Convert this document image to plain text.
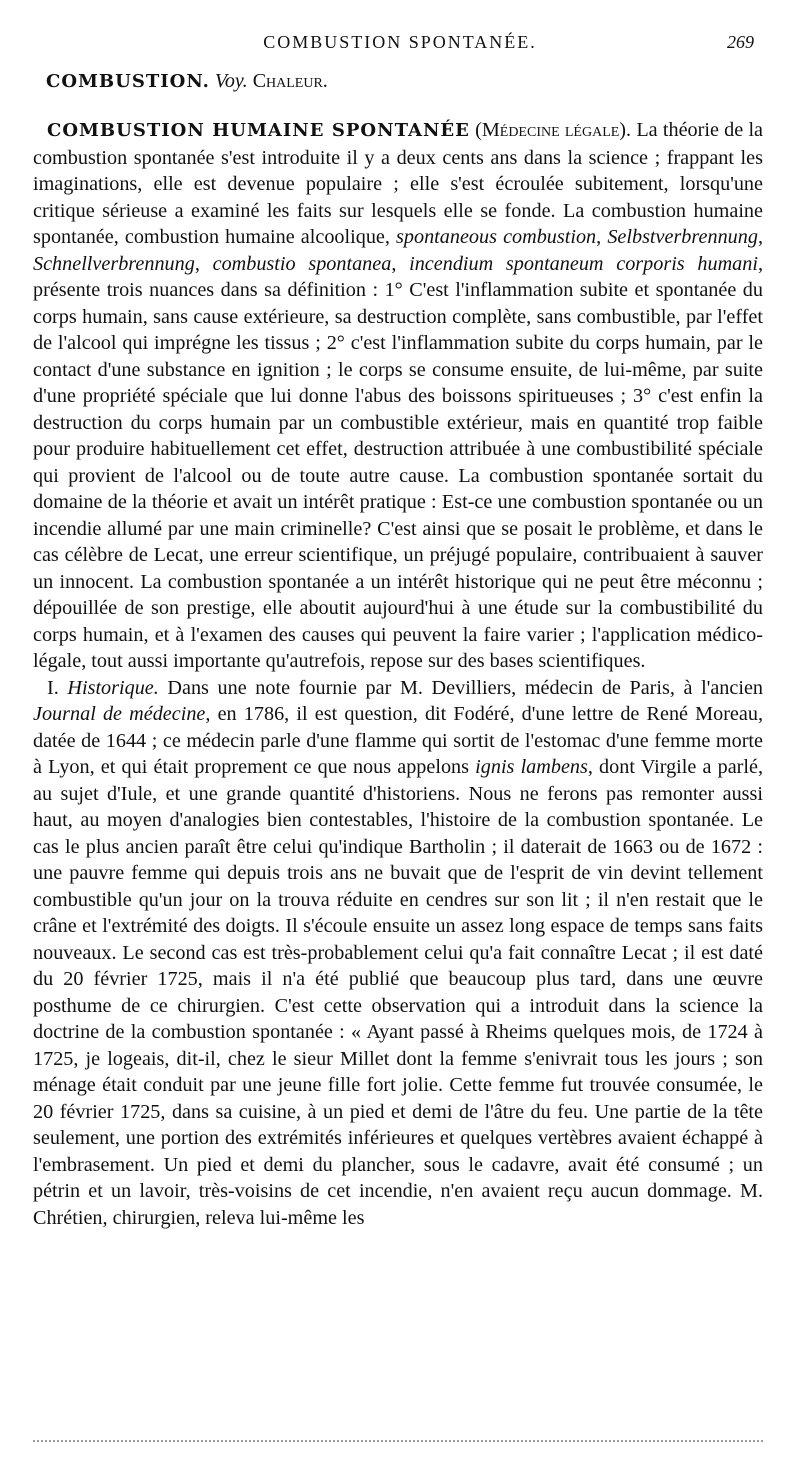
COMBUSTION SPONTANÉE.	269
COMBUSTION. Voy. Chaleur.

COMBUSTION HUMAINE SPONTANÉE (Médecine légale). La théorie de la combustion spontanée s'est introduite il y a deux cents ans dans la science ; frappant les imaginations, elle est devenue populaire ; elle s'est écroulée subitement, lorsqu'une critique sérieuse a examiné les faits sur lesquels elle se fonde. La combustion humaine spontanée, combustion humaine alcoolique, spontaneous combustion, Selbstverbrennung, Schnellverbrennung, combustio spontanea, incendium spontaneum corporis humani, présente trois nuances dans sa définition : 1° C'est l'inflammation subite et spontanée du corps humain, sans cause extérieure, sa destruction complète, sans combustible, par l'effet de l'alcool qui imprégne les tissus ; 2° c'est l'inflammation subite du corps humain, par le contact d'une substance en ignition ; le corps se consume ensuite, de lui-même, par suite d'une propriété spéciale que lui donne l'abus des boissons spiritueuses ; 3° c'est enfin la destruction du corps humain par un combustible extérieur, mais en quantité trop faible pour produire habituellement cet effet, destruction attribuée à une combustibilité spéciale qui provient de l'alcool ou de toute autre cause. La combustion spontanée sortait du domaine de la théorie et avait un intérêt pratique : Est-ce une combustion spontanée ou un incendie allumé par une main criminelle? C'est ainsi que se posait le problème, et dans le cas célèbre de Lecat, une erreur scientifique, un préjugé populaire, contribuaient à sauver un innocent. La combustion spontanée a un intérêt historique qui ne peut être méconnu ; dépouillée de son prestige, elle aboutit aujourd'hui à une étude sur la combustibilité du corps humain, et à l'examen des causes qui peuvent la faire varier ; l'application médico-légale, tout aussi importante qu'autrefois, repose sur des bases scientifiques.

I. Historique. Dans une note fournie par M. Devilliers, médecin de Paris, à l'ancien Journal de médecine, en 1786, il est question, dit Fodéré, d'une lettre de René Moreau, datée de 1644 ; ce médecin parle d'une flamme qui sortit de l'estomac d'une femme morte à Lyon, et qui était proprement ce que nous appelons ignis lambens, dont Virgile a parlé, au sujet d'Iule, et une grande quantité d'historiens. Nous ne ferons pas remonter aussi haut, au moyen d'analogies bien contestables, l'histoire de la combustion spontanée. Le cas le plus ancien paraît être celui qu'indique Bartholin ; il daterait de 1663 ou de 1672 : une pauvre femme qui depuis trois ans ne buvait que de l'esprit de vin devint tellement combustible qu'un jour on la trouva réduite en cendres sur son lit ; il n'en restait que le crâne et l'extrémité des doigts. Il s'écoule ensuite un assez long espace de temps sans faits nouveaux. Le second cas est très-probablement celui qu'a fait connaître Lecat ; il est daté du 20 février 1725, mais il n'a été publié que beaucoup plus tard, dans une œuvre posthume de ce chirurgien. C'est cette observation qui a introduit dans la science la doctrine de la combustion spontanée : « Ayant passé à Rheims quelques mois, de 1724 à 1725, je logeais, dit-il, chez le sieur Millet dont la femme s'enivrait tous les jours ; son ménage était conduit par une jeune fille fort jolie. Cette femme fut trouvée consumée, le 20 février 1725, dans sa cuisine, à un pied et demi de l'âtre du feu. Une partie de la tête seulement, une portion des extrémités inférieures et quelques vertèbres avaient échappé à l'embrasement. Un pied et demi du plancher, sous le cadavre, avait été consumé ; un pétrin et un lavoir, très-voisins de cet incendie, n'en avaient reçu aucun dommage. M. Chrétien, chirurgien, releva lui-même les
